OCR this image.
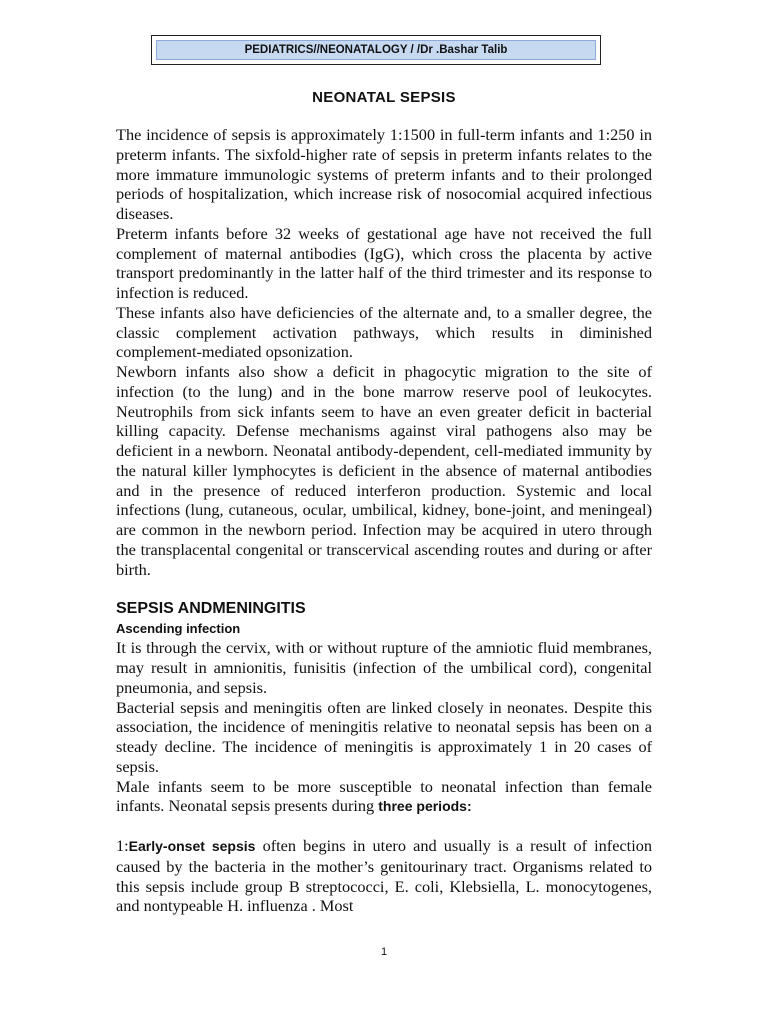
PEDIATRICS//NEONATALOGY / /Dr .Bashar Talib
NEONATAL SEPSIS

The incidence of sepsis is approximately 1:1500 in full-term infants and 1:250 in preterm infants. The sixfold-higher rate of sepsis in preterm infants relates to the more immature immunologic systems of preterm infants and to their prolonged periods of hospitalization, which increase risk of nosocomial acquired infectious diseases.

Preterm infants before 32 weeks of gestational age have not received the full complement of maternal antibodies (IgG), which cross the placenta by active transport predominantly in the latter half of the third trimester and its response to infection is reduced.

These infants also have deficiencies of the alternate and, to a smaller degree, the classic complement activation pathways, which results in diminished complement-mediated opsonization.

Newborn infants also show a deficit in phagocytic migration to the site of infection (to the lung) and in the bone marrow reserve pool of leukocytes. Neutrophils from sick infants seem to have an even greater deficit in bacterial killing capacity. Defense mechanisms against viral pathogens also may be deficient in a newborn. Neonatal antibody-dependent, cell-mediated immunity by the natural killer lymphocytes is deficient in the absence of maternal antibodies and in the presence of reduced interferon production. Systemic and local infections (lung, cutaneous, ocular, umbilical, kidney, bone-joint, and meningeal) are common in the newborn period. Infection may be acquired in utero through the transplacental congenital or transcervical ascending routes and during or after birth.

SEPSIS ANDMENINGITIS
Ascending infection

It is through the cervix, with or without rupture of the amniotic fluid membranes, may result in amnionitis, funisitis (infection of the umbilical cord), congenital pneumonia, and sepsis.

Bacterial sepsis and meningitis often are linked closely in neonates. Despite this association, the incidence of meningitis relative to neonatal sepsis has been on a steady decline. The incidence of meningitis is approximately 1 in 20 cases of sepsis.

Male infants seem to be more susceptible to neonatal infection than female infants. Neonatal sepsis presents during three periods:

1:Early-onset sepsis often begins in utero and usually is a result of infection caused by the bacteria in the mother’s genitourinary tract. Organisms related to this sepsis include group B streptococci, E. coli, Klebsiella, L. monocytogenes, and nontypeable H. influenza . Most

1
